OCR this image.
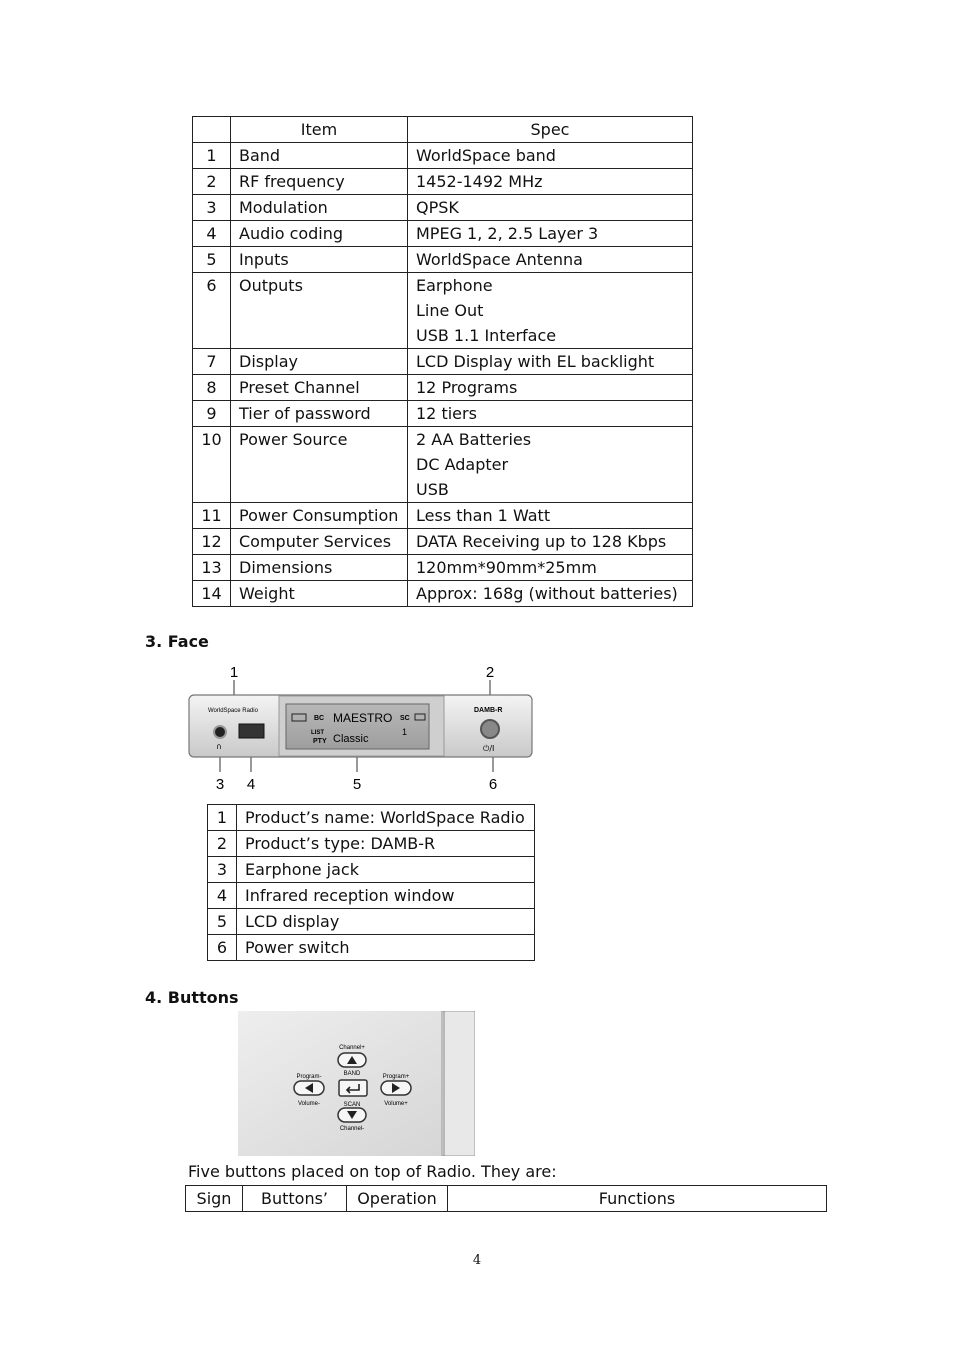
	Item	Spec
1	Band	WorldSpace band

2	RF frequency	1452-1492 MHz

3	Modulation	QPSK

4	Audio coding	MPEG 1, 2, 2.5 Layer 3

5	Inputs	WorldSpace Antenna

6	Outputs	Earphone
Line Out
USB 1.1 Interface

7	Display	LCD Display with EL backlight

8	Preset Channel	12 Programs

9	Tier of password	12 tiers

10	Power Source	2 AA Batteries
DC Adapter
USB

11	Power Consumption	Less than 1 Watt

12	Computer Services	DATA Receiving up to 128 Kbps

13	Dimensions	120mm*90mm*25mm

14	Weight	Approx: 168g (without batteries)
3. Face
1	2
3 4	5	6
WorldSpace Radio
∩
BC MAESTRO SC
LIST
PTY Classic
1
DAMB-R
⏻/I
1	Product’s name: WorldSpace Radio
2	Product’s type: DAMB-R
3	Earphone jack
4	Infrared reception window
5	LCD display
6	Power switch
4. Buttons
Channel+
BAND
Program-	Program+
Volume-	SCAN	Volume+
Channel-
Five buttons placed on top of Radio. They are:
Sign	Buttons’	Operation	Functions
4
